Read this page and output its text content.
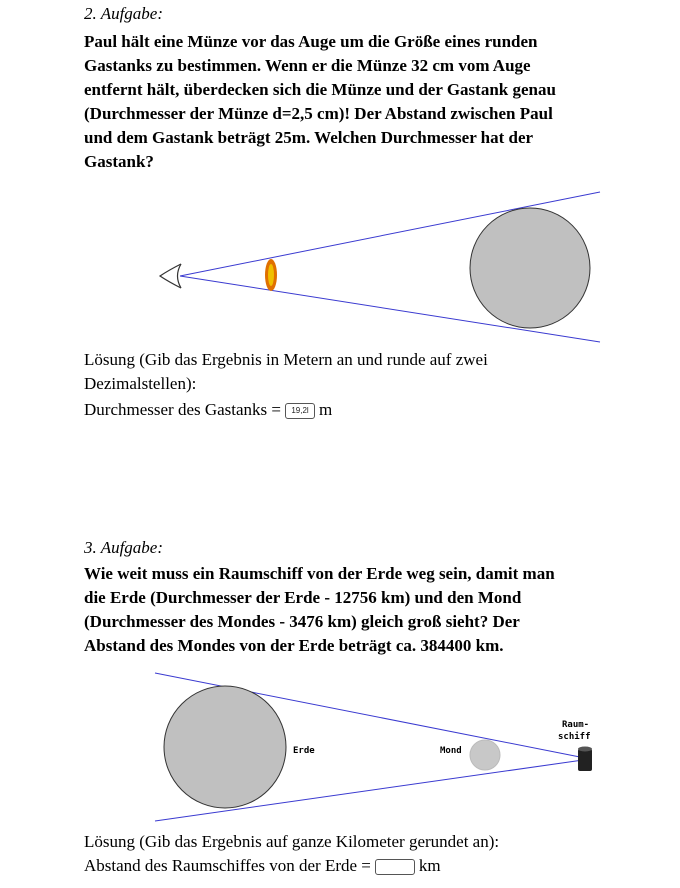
2. Aufgabe:
Paul hält eine Münze vor das Auge um die Größe eines runden
Gastanks zu bestimmen. Wenn er die Münze 32 cm vom Auge
entfernt hält, überdecken sich die Münze und der Gastank genau
(Durchmesser der Münze d=2,5 cm)! Der Abstand zwischen Paul
und dem Gastank beträgt 25m. Welchen Durchmesser hat der
Gastank?
Lösung (Gib das Ergebnis in Metern an und runde auf zwei
Dezimalstellen):
Durchmesser des Gastanks =19,2l m
3. Aufgabe:
Wie weit muss ein Raumschiff von der Erde weg sein, damit man
die Erde (Durchmesser der Erde - 12756 km) und den Mond
(Durchmesser des Mondes - 3476 km) gleich groß sieht? Der
Abstand des Mondes von der Erde beträgt ca. 384400 km.
Erde	Mond
Raum-
schiff
Lösung (Gib das Ergebnis auf ganze Kilometer gerundet an):
Abstand des Raumschiffes von der Erde =	km
